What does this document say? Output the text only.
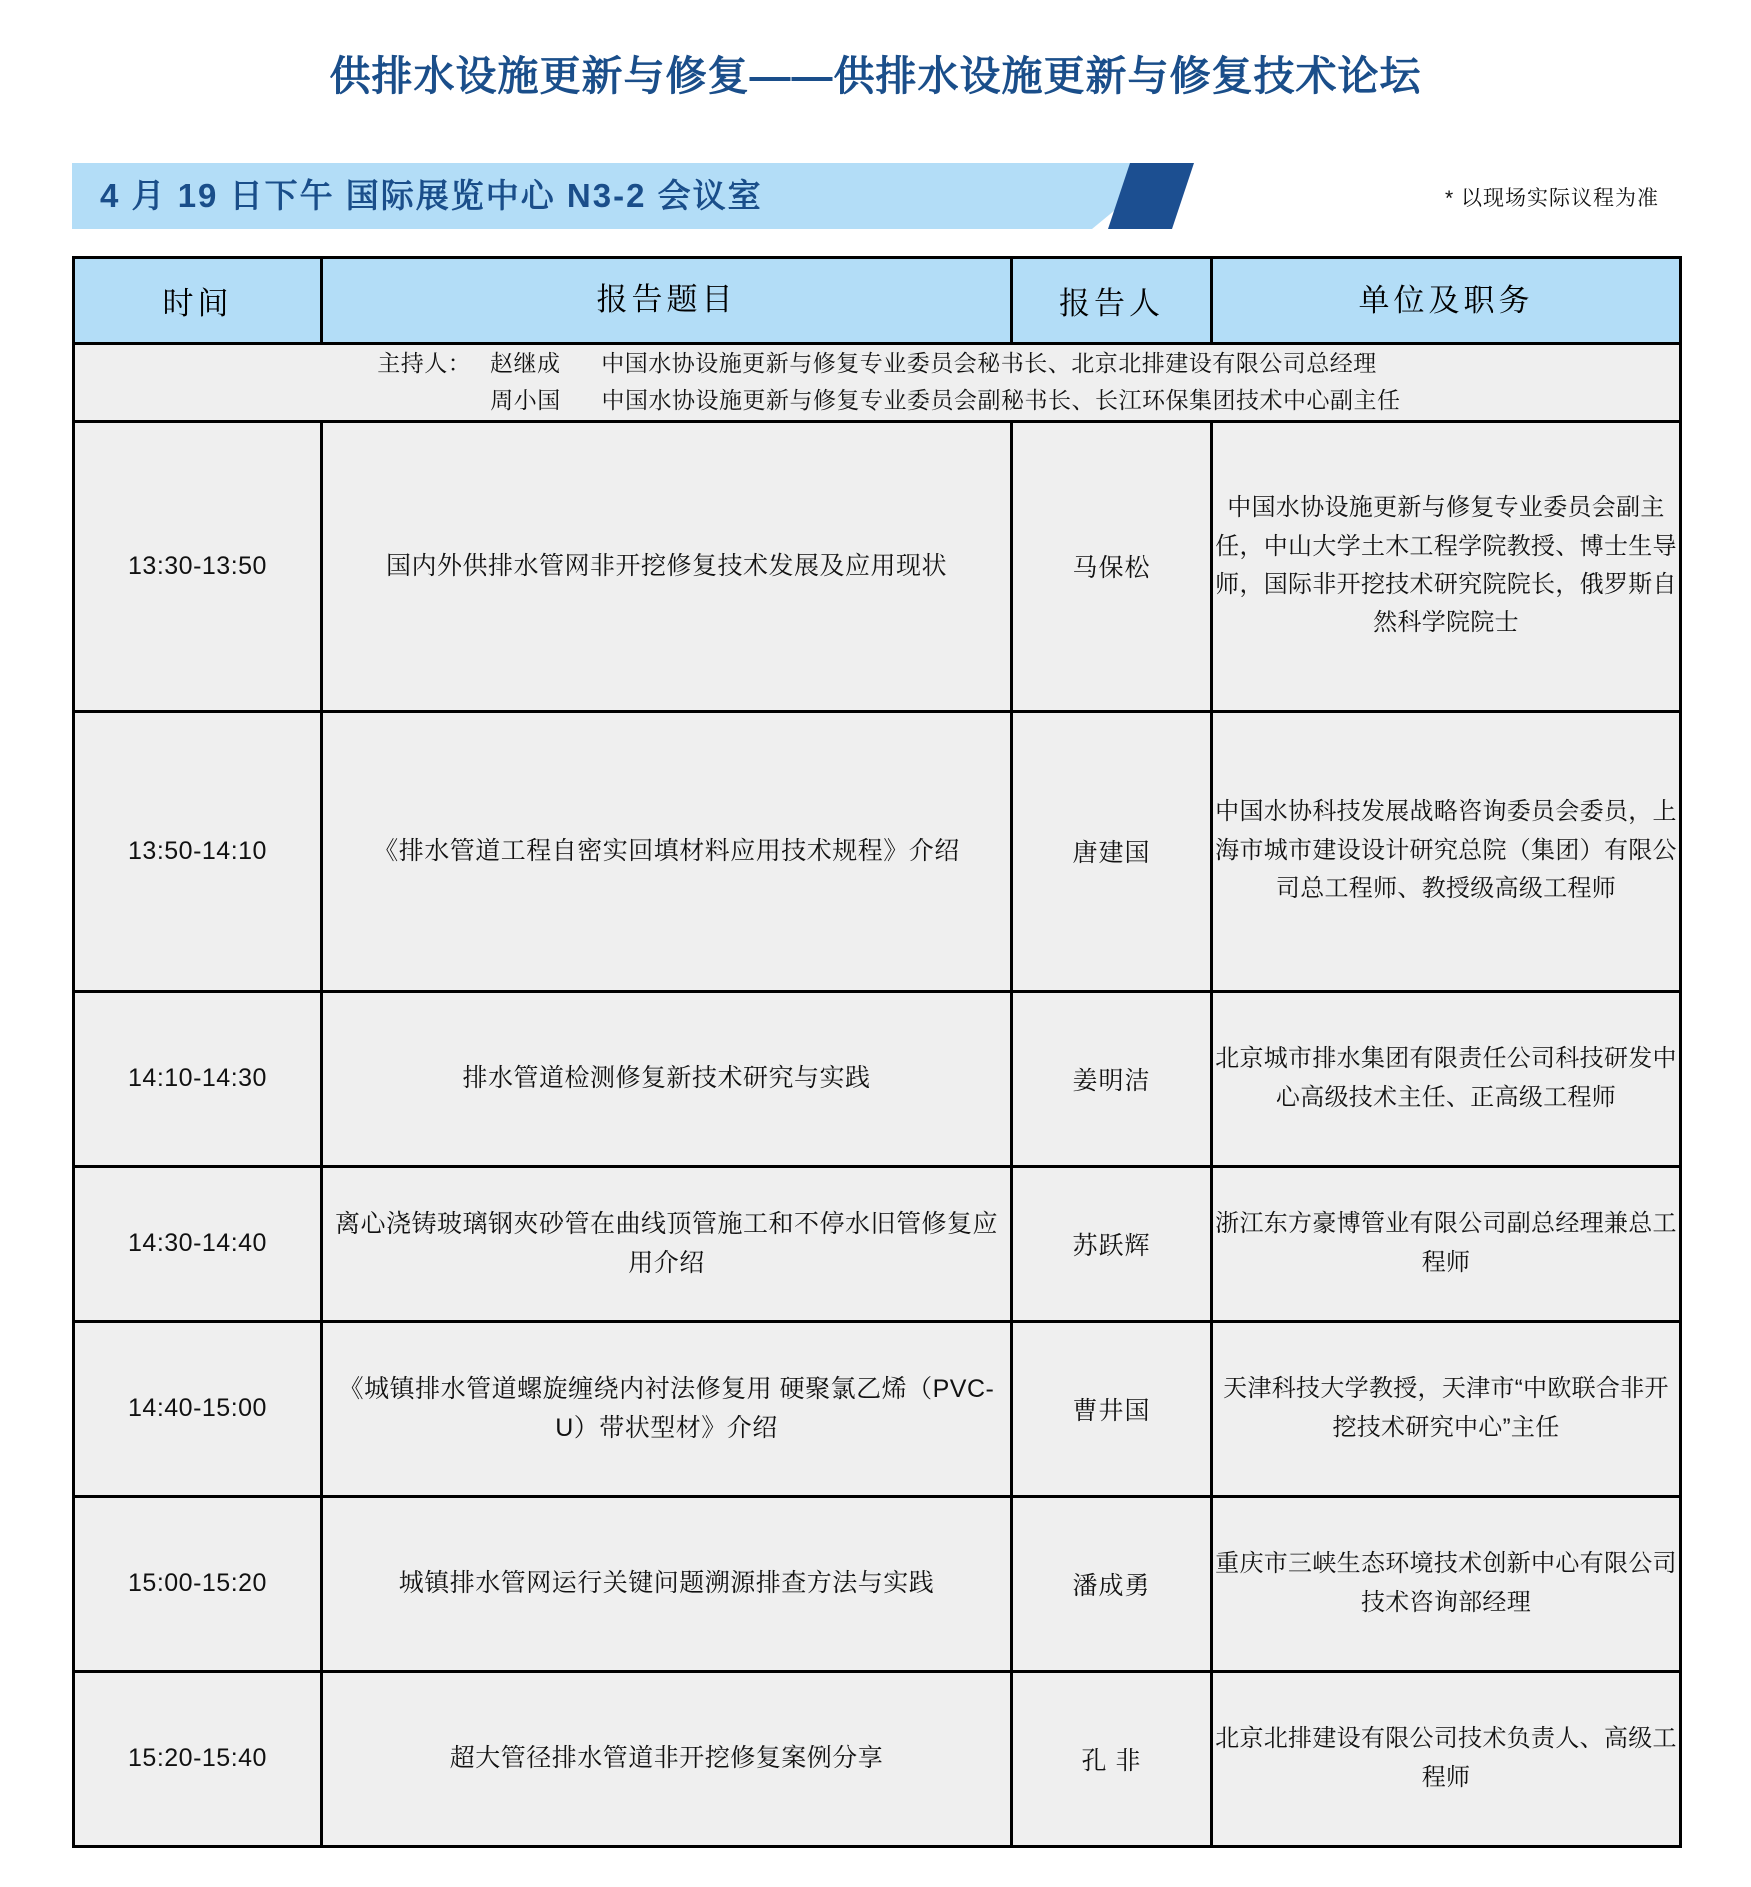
供排水设施更新与修复——供排水设施更新与修复技术论坛
4 月 19 日下午 国际展览中心 N3-2 会议室	* 以现场实际议程为准
主持人： 赵继成 中国水协设施更新与修复专业委员会秘书长、北京北排建设有限公司总经理
周小国 中国水协设施更新与修复专业委员会副秘书长、长江环保集团技术中心副主任			

时间	报告题目	报告人	单位及职务
13:30-13:50	国内外供排水管网非开挖修复技术发展及应用现状	马保松	中国水协设施更新与修复专业委员会副主任，中山大学土木工程学院教授、博士生导师，国际非开挖技术研究院院长，俄罗斯自然科学院院士
13:50-14:10	《排水管道工程自密实回填材料应用技术规程》介绍	唐建国	中国水协科技发展战略咨询委员会委员，上海市城市建设设计研究总院（集团）有限公司总工程师、教授级高级工程师
14:10-14:30	排水管道检测修复新技术研究与实践	姜明洁	北京城市排水集团有限责任公司科技研发中心高级技术主任、正高级工程师
14:30-14:40	离心浇铸玻璃钢夾砂管在曲线顶管施工和不停水旧管修复应用介绍	苏跃辉	浙江东方豪博管业有限公司副总经理兼总工程师
14:40-15:00	《城镇排水管道螺旋缠绕内衬法修复用 硬聚氯乙烯（PVC-U）带状型材》介绍	曹井国	天津科技大学教授，天津市“中欧联合非开挖技术研究中心”主任
15:00-15:20	城镇排水管网运行关键问题溯源排查方法与实践	潘成勇	重庆市三峡生态环境技术创新中心有限公司技术咨询部经理
15:20-15:40	超大管径排水管道非开挖修复案例分享	孔 非	北京北排建设有限公司技术负责人、高级工程师
